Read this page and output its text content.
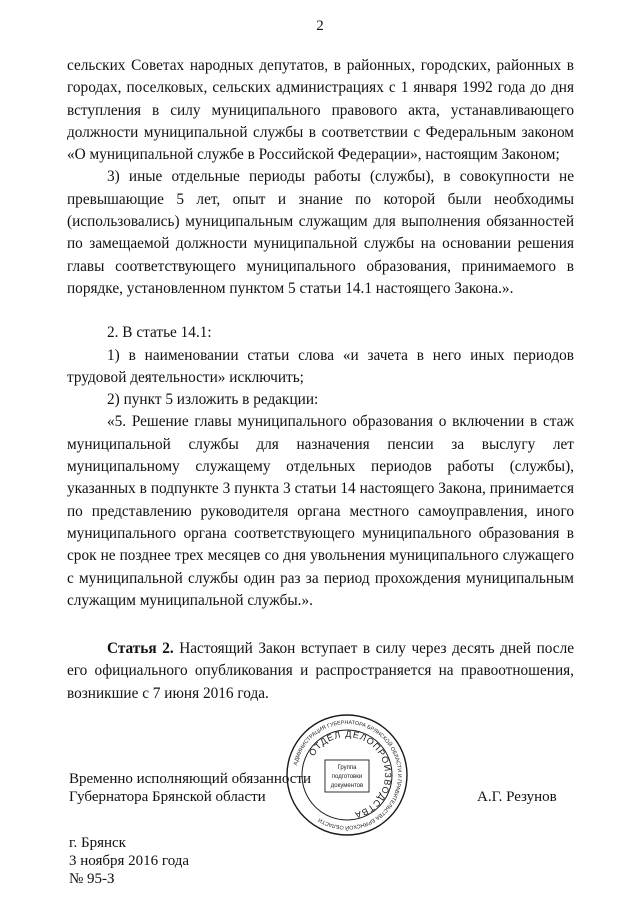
2

сельских Советах народных депутатов, в районных, городских, районных в городах, поселковых, сельских администрациях с 1 января 1992 года до дня вступления в силу муниципального правового акта, устанавливающего должности муниципальной службы в соответствии с Федеральным законом «О муниципальной службе в Российской Федерации», настоящим Законом;

3) иные отдельные периоды работы (службы), в совокупности не превышающие 5 лет, опыт и знание по которой были необходимы (использовались) муниципальным служащим для выполнения обязанностей по замещаемой должности муниципальной службы на основании решения главы соответствующего муниципального образования, принимаемого в порядке, установленном пунктом 5 статьи 14.1 настоящего Закона.».

2. В статье 14.1:

1) в наименовании статьи слова «и зачета в него иных периодов трудовой деятельности» исключить;

2) пункт 5 изложить в редакции:

«5. Решение главы муниципального образования о включении в стаж муниципальной службы для назначения пенсии за выслугу лет муниципальному служащему отдельных периодов работы (службы), указанных в подпункте 3 пункта 3 статьи 14 настоящего Закона, принимается по представлению руководителя органа местного самоуправления, иного муниципального органа соответствующего муниципального образования в срок не позднее трех месяцев со дня увольнения муниципального служащего с муниципальной службы один раз за период прохождения муниципальным служащим муниципальной службы.».

Статья 2. Настоящий Закон вступает в силу через десять дней после его официального опубликования и распространяется на правоотношения, возникшие с 7 июня 2016 года.

Временно исполняющий обязанности
Губернатора Брянской области	А.Г. Резунов
г. Брянск
3 ноября 2016 года
№ 95-З
АДМИНИСТРАЦИЯ ГУБЕРНАТОРА БРЯНСКОЙ ОБЛАСТИ И ПРАВИТЕЛЬСТВА БРЯНСКОЙ ОБЛАСТИ
ОТДЕЛ ДЕЛОПРОИЗВОДСТВА
Группа
подготовки
документов
